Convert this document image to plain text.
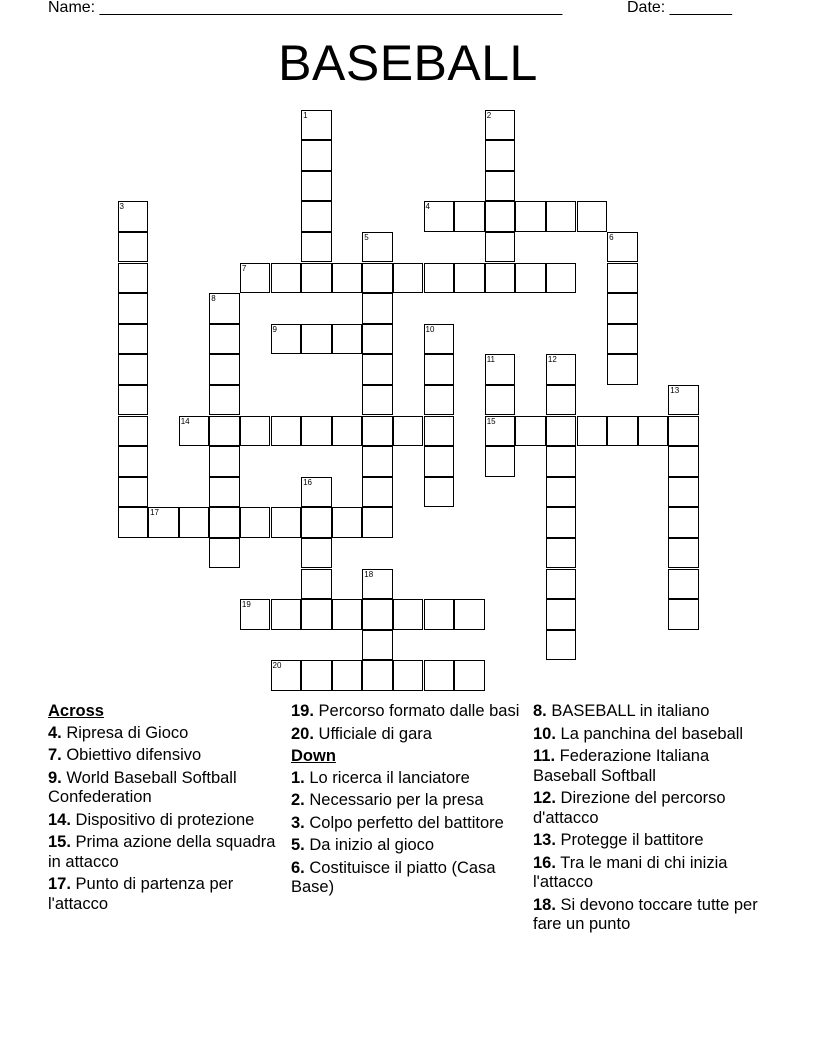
Name: ____________________________________________________	Date: _______
BASEBALL
1	2
3	4
5	6
7
8
9	10
11	12
13
14	15
16
17
18
19
20
Across
4. Ripresa di Gioco
7. Obiettivo difensivo
9. World Baseball Softball Confederation
14. Dispositivo di protezione
15. Prima azione della squadra in attacco
17. Punto di partenza per l'attacco
19. Percorso formato dalle basi
20. Ufficiale di gara
Down
1. Lo ricerca il lanciatore
2. Necessario per la presa
3. Colpo perfetto del battitore
5. Da inizio al gioco
6. Costituisce il piatto (Casa Base)
8. BASEBALL in italiano
10. La panchina del baseball
11. Federazione Italiana Baseball Softball
12. Direzione del percorso d'attacco
13. Protegge il battitore
16. Tra le mani di chi inizia l'attacco
18. Si devono toccare tutte per fare un punto
